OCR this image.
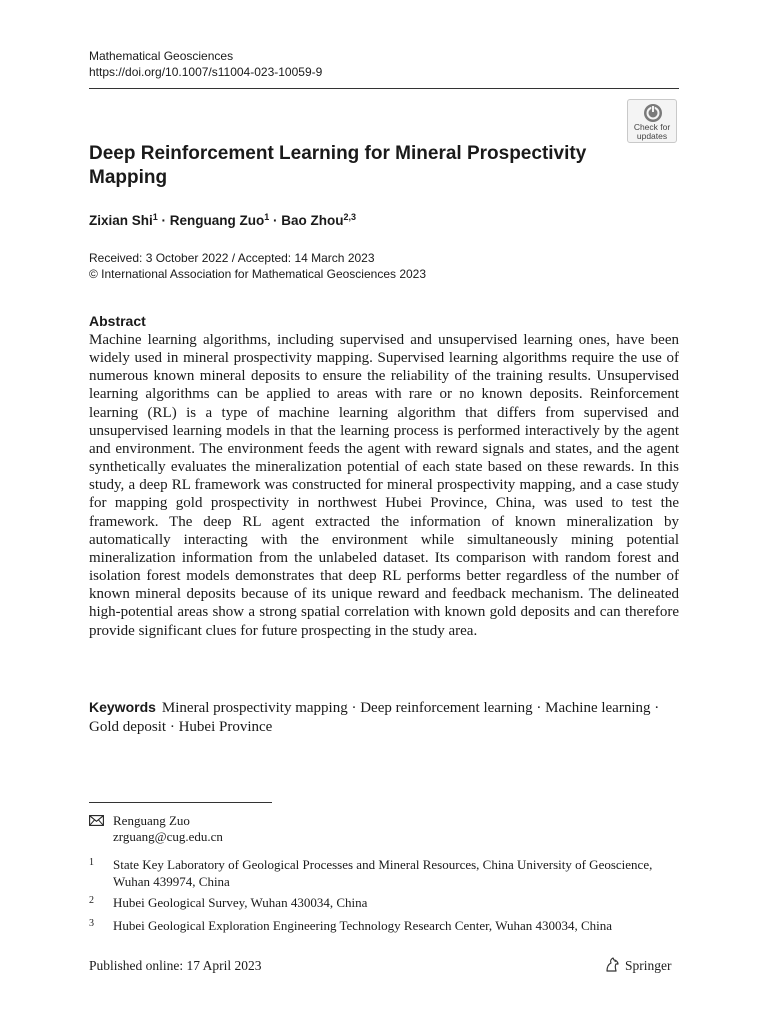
Mathematical Geosciences
https://doi.org/10.1007/s11004-023-10059-9
Check for
updates
Deep Reinforcement Learning for Mineral Prospectivity Mapping
Zixian Shi$^1$ · Renguang Zuo$^1$ · Bao Zhou$^{2,3}$
Received: 3 October 2022 / Accepted: 14 March 2023
© International Association for Mathematical Geosciences 2023
Abstract

Machine learning algorithms, including supervised and unsupervised learning ones, have been widely used in mineral prospectivity mapping. Supervised learning algorithms require the use of numerous known mineral deposits to ensure the reliability of the training results. Unsupervised learning algorithms can be applied to areas with rare or no known deposits. Reinforcement learning (RL) is a type of machine learning algorithm that differs from supervised and unsupervised learning models in that the learning process is performed interactively by the agent and environment. The environment feeds the agent with reward signals and states, and the agent synthetically evaluates the mineralization potential of each state based on these rewards. In this study, a deep RL framework was constructed for mineral prospectivity mapping, and a case study for mapping gold prospectivity in northwest Hubei Province, China, was used to test the framework. The deep RL agent extracted the information of known mineralization by automatically interacting with the environment while simultaneously mining potential mineralization information from the unlabeled dataset. Its comparison with random forest and isolation forest models demonstrates that deep RL performs better regardless of the number of known mineral deposits because of its unique reward and feedback mechanism. The delineated high-potential areas show a strong spatial correlation with known gold deposits and can therefore provide significant clues for future prospecting in the study area.

Keywords Mineral prospectivity mapping · Deep reinforcement learning · Machine learning · Gold deposit · Hubei Province

Renguang Zuo
zrguang@cug.edu.cn
1 State Key Laboratory of Geological Processes and Mineral Resources, China University of Geoscience, Wuhan 439974, China
2 Hubei Geological Survey, Wuhan 430034, China
3 Hubei Geological Exploration Engineering Technology Research Center, Wuhan 430034, China
Published online: 17 April 2023	Springer
